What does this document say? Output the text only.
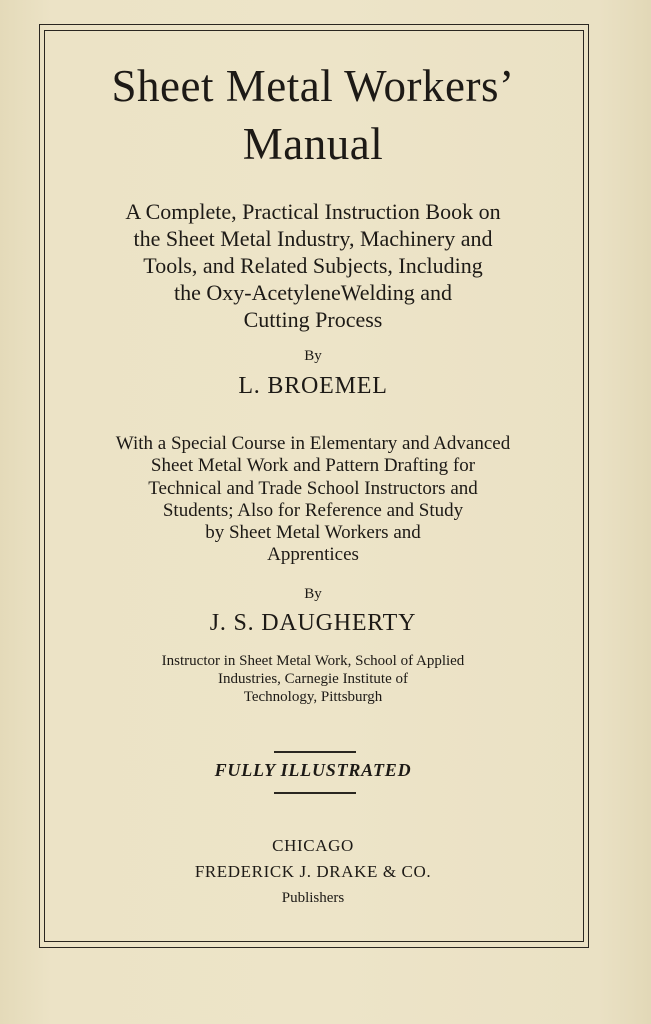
Sheet Metal Workers’
Manual
A Complete, Practical Instruction Book on
the Sheet Metal Industry, Machinery and
Tools, and Related Subjects, Including
the Oxy-AcetyleneWelding and
Cutting Process
By
L. BROEMEL
With a Special Course in Elementary and Advanced
Sheet Metal Work and Pattern Drafting for
Technical and Trade School Instructors and
Students; Also for Reference and Study
by Sheet Metal Workers and
Apprentices
By
J. S. DAUGHERTY
Instructor in Sheet Metal Work, School of Applied
Industries, Carnegie Institute of
Technology, Pittsburgh
FULLY ILLUSTRATED
CHICAGO
FREDERICK J. DRAKE & CO.
Publishers
